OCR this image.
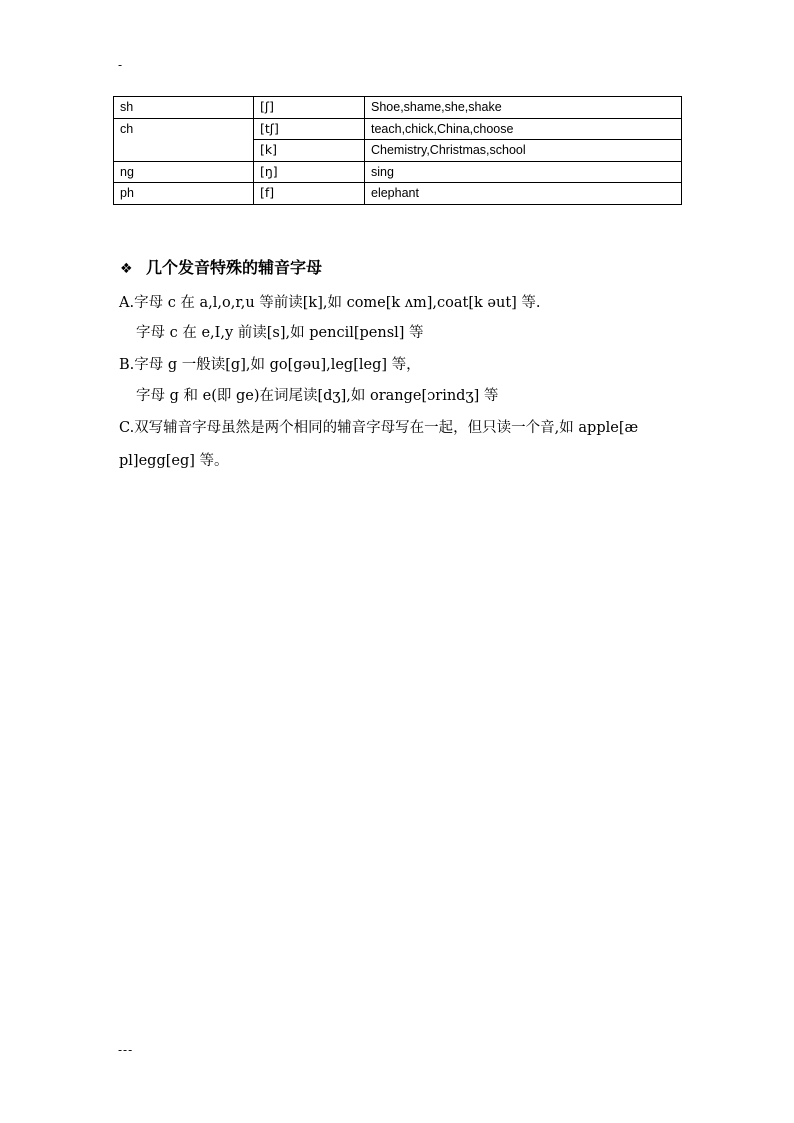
-
sh	[ʃ]	Shoe,shame,she,shake
ch	[tʃ]	teach,chick,China,choose
	[k]	Chemistry,Christmas,school
ng	[ŋ]	sing
ph	[f]	elephant
❖ 几个发音特殊的辅音字母
A.字母 c 在 a,l,o,r,u 等前读[k],如 come[k ʌm],coat[k əut] 等.
字母 c 在 e,I,y 前读[s],如 pencil[pensl] 等
B.字母 g 一般读[g],如 go[gəu],leg[leg] 等，
字母 g 和 e(即 ge)在词尾读[dʒ],如 orange[ɔrindʒ] 等
C.双写辅音字母虽然是两个相同的辅音字母写在一起，但只读一个音,如 apple[æ
pl]egg[eg] 等。
---
